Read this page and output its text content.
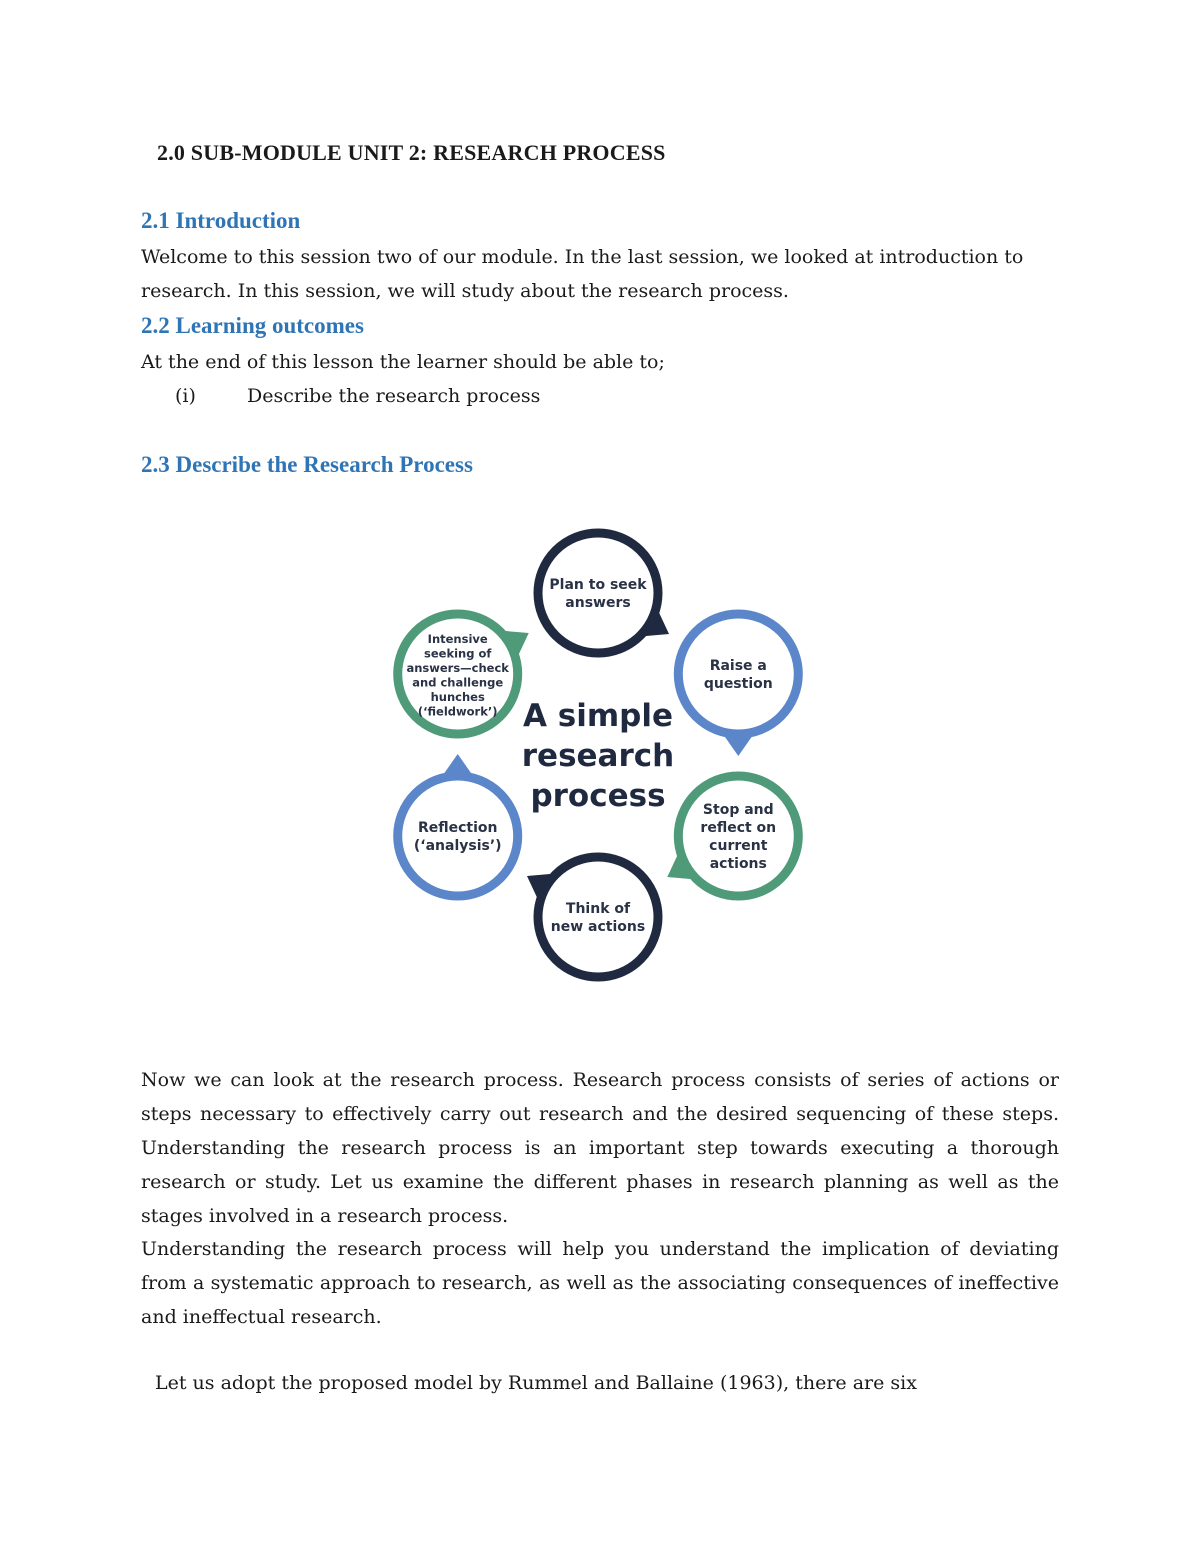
2.0 SUB-MODULE UNIT 2: RESEARCH PROCESS
2.1 Introduction

Welcome to this session two of our module. In the last session, we looked at introduction to research. In this session, we will study about the research process.

2.2 Learning outcomes

At the end of this lesson the learner should be able to;

(i)	Describe the research process

2.3 Describe the Research Process
Plan to seek
answers
Raise a
question
Stop and
reflect on
current
actions
Think of
new actions
Reflection
(‘analysis’)
Intensive
seeking of
answers—check
and challenge
hunches
(‘fieldwork’) A simple
research
process

Now we can look at the research process. Research process consists of series of actions or steps necessary to effectively carry out research and the desired sequencing of these steps. Understanding the research process is an important step towards executing a thorough research or study. Let us examine the different phases in research planning as well as the stages involved in a research process.

Understanding the research process will help you understand the implication of deviating from a systematic approach to research, as well as the associating consequences of ineffective and ineffectual research.

Let us adopt the proposed model by Rummel and Ballaine (1963), there are six
